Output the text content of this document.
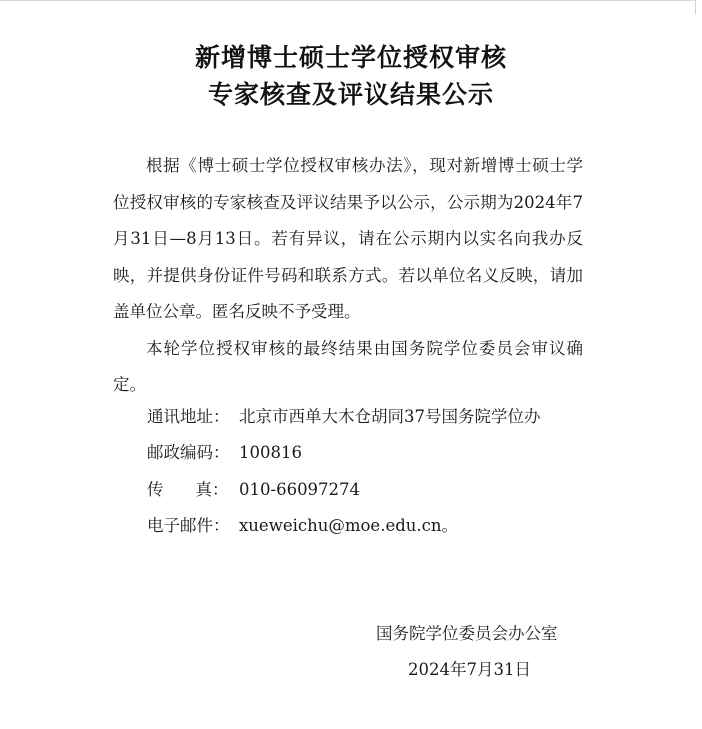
新增博士硕士学位授权审核
专家核查及评议结果公示

根据《博士硕士学位授权审核办法》，现对新增博士硕士学位授权审核的专家核查及评议结果予以公示，公示期为2024年7月31日—8月13日。若有异议，请在公示期内以实名向我办反映，并提供身份证件号码和联系方式。若以单位名义反映，请加盖单位公章。匿名反映不予受理。

本轮学位授权审核的最终结果由国务院学位委员会审议确定。

通讯地址： 北京市西单大木仓胡同37号国务院学位办
邮政编码： 100816
传 真： 010-66097274
电子邮件： xueweichu@moe.edu.cn。
国务院学位委员会办公室
2024年7月31日
